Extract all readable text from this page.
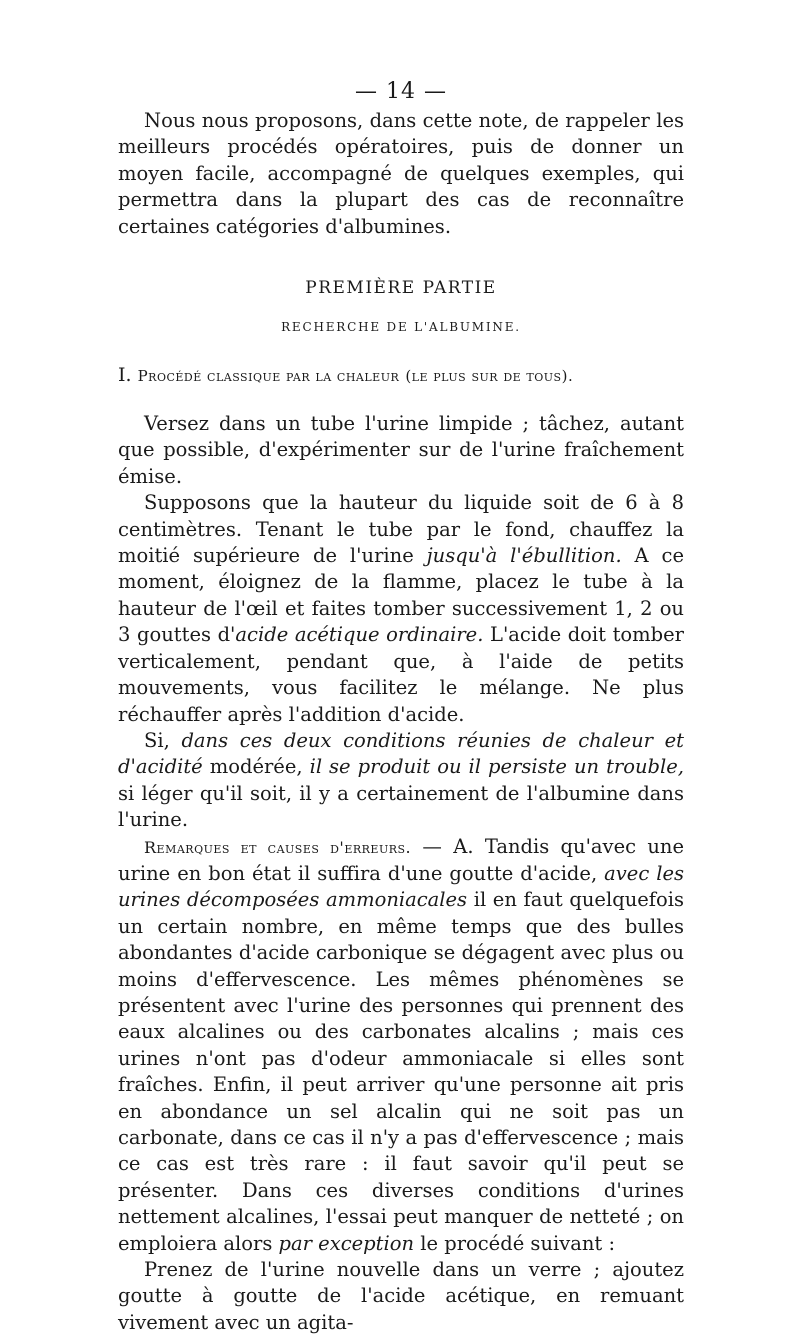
— 14 —

Nous nous proposons, dans cette note, de rappeler les meilleurs procédés opératoires, puis de donner un moyen facile, accompagné de quelques exemples, qui permettra dans la plupart des cas de reconnaître certaines catégories d'albumines.

PREMIÈRE PARTIE
RECHERCHE DE L'ALBUMINE.
I. Procédé classique par la chaleur (le plus sur de tous).

Versez dans un tube l'urine limpide ; tâchez, autant que possible, d'expérimenter sur de l'urine fraîchement émise.

Supposons que la hauteur du liquide soit de 6 à 8 centimètres. Tenant le tube par le fond, chauffez la moitié supérieure de l'urine jusqu'à l'ébullition. A ce moment, éloignez de la flamme, placez le tube à la hauteur de l'œil et faites tomber successivement 1, 2 ou 3 gouttes d'acide acétique ordinaire. L'acide doit tomber verticalement, pendant que, à l'aide de petits mouvements, vous facilitez le mélange. Ne plus réchauffer après l'addition d'acide.

Si, dans ces deux conditions réunies de chaleur et d'acidité modérée, il se produit ou il persiste un trouble, si léger qu'il soit, il y a certainement de l'albumine dans l'urine.

Remarques et causes d'erreurs. — A. Tandis qu'avec une urine en bon état il suffira d'une goutte d'acide, avec les urines décomposées ammoniacales il en faut quelquefois un certain nombre, en même temps que des bulles abondantes d'acide carbonique se dégagent avec plus ou moins d'effervescence. Les mêmes phénomènes se présentent avec l'urine des personnes qui prennent des eaux alcalines ou des carbonates alcalins ; mais ces urines n'ont pas d'odeur ammoniacale si elles sont fraîches. Enfin, il peut arriver qu'une personne ait pris en abondance un sel alcalin qui ne soit pas un carbonate, dans ce cas il n'y a pas d'effervescence ; mais ce cas est très rare : il faut savoir qu'il peut se présenter. Dans ces diverses conditions d'urines nettement alcalines, l'essai peut manquer de netteté ; on emploiera alors par exception le procédé suivant :

Prenez de l'urine nouvelle dans un verre ; ajoutez goutte à goutte de l'acide acétique, en remuant vivement avec un agita-
